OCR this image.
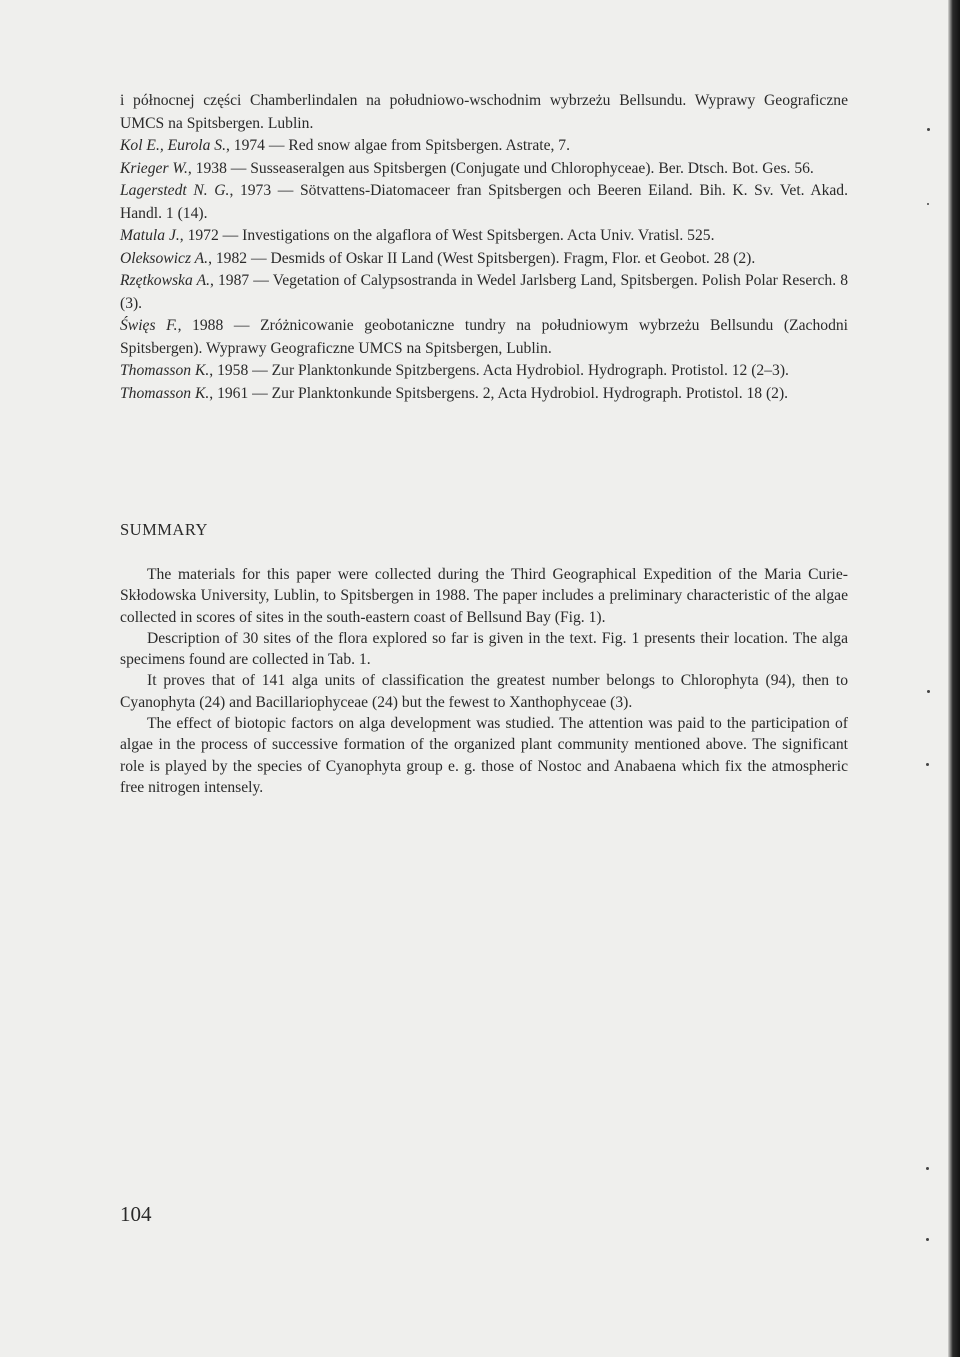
i północnej części Chamberlindalen na południowo-wschodnim wybrzeżu Bellsundu. Wyprawy Geograficzne UMCS na Spitsbergen. Lublin.

Kol E., Eurola S., 1974 — Red snow algae from Spitsbergen. Astrate, 7.

Krieger W., 1938 — Susseaseralgen aus Spitsbergen (Conjugate und Chlorophyceae). Ber. Dtsch. Bot. Ges. 56.

Lagerstedt N. G., 1973 — Sötvattens-Diatomaceer fran Spitsbergen och Beeren Eiland. Bih. K. Sv. Vet. Akad. Handl. 1 (14).

Matula J., 1972 — Investigations on the algaflora of West Spitsbergen. Acta Univ. Vratisl. 525.

Oleksowicz A., 1982 — Desmids of Oskar II Land (West Spitsbergen). Fragm, Flor. et Geobot. 28 (2).

Rzętkowska A., 1987 — Vegetation of Calypsostranda in Wedel Jarlsberg Land, Spitsbergen. Polish Polar Reserch. 8 (3).

Święs F., 1988 — Zróżnicowanie geobotaniczne tundry na południowym wybrzeżu Bellsundu (Zachodni Spitsbergen). Wyprawy Geograficzne UMCS na Spitsbergen, Lublin.

Thomasson K., 1958 — Zur Planktonkunde Spitzbergens. Acta Hydrobiol. Hydrograph. Protistol. 12 (2–3).

Thomasson K., 1961 — Zur Planktonkunde Spitsbergens. 2, Acta Hydrobiol. Hydrograph. Protistol. 18 (2).

SUMMARY

The materials for this paper were collected during the Third Geographical Expedition of the Maria Curie-Skłodowska University, Lublin, to Spitsbergen in 1988. The paper includes a preliminary characteristic of the algae collected in scores of sites in the south-eastern coast of Bellsund Bay (Fig. 1).

Description of 30 sites of the flora explored so far is given in the text. Fig. 1 presents their location. The alga specimens found are collected in Tab. 1.

It proves that of 141 alga units of classification the greatest number belongs to Chlorophyta (94), then to Cyanophyta (24) and Bacillariophyceae (24) but the fewest to Xanthophyceae (3).

The effect of biotopic factors on alga development was studied. The attention was paid to the participation of algae in the process of successive formation of the organized plant community mentioned above. The significant role is played by the species of Cyanophyta group e. g. those of Nostoc and Anabaena which fix the atmospheric free nitrogen intensely.

104
